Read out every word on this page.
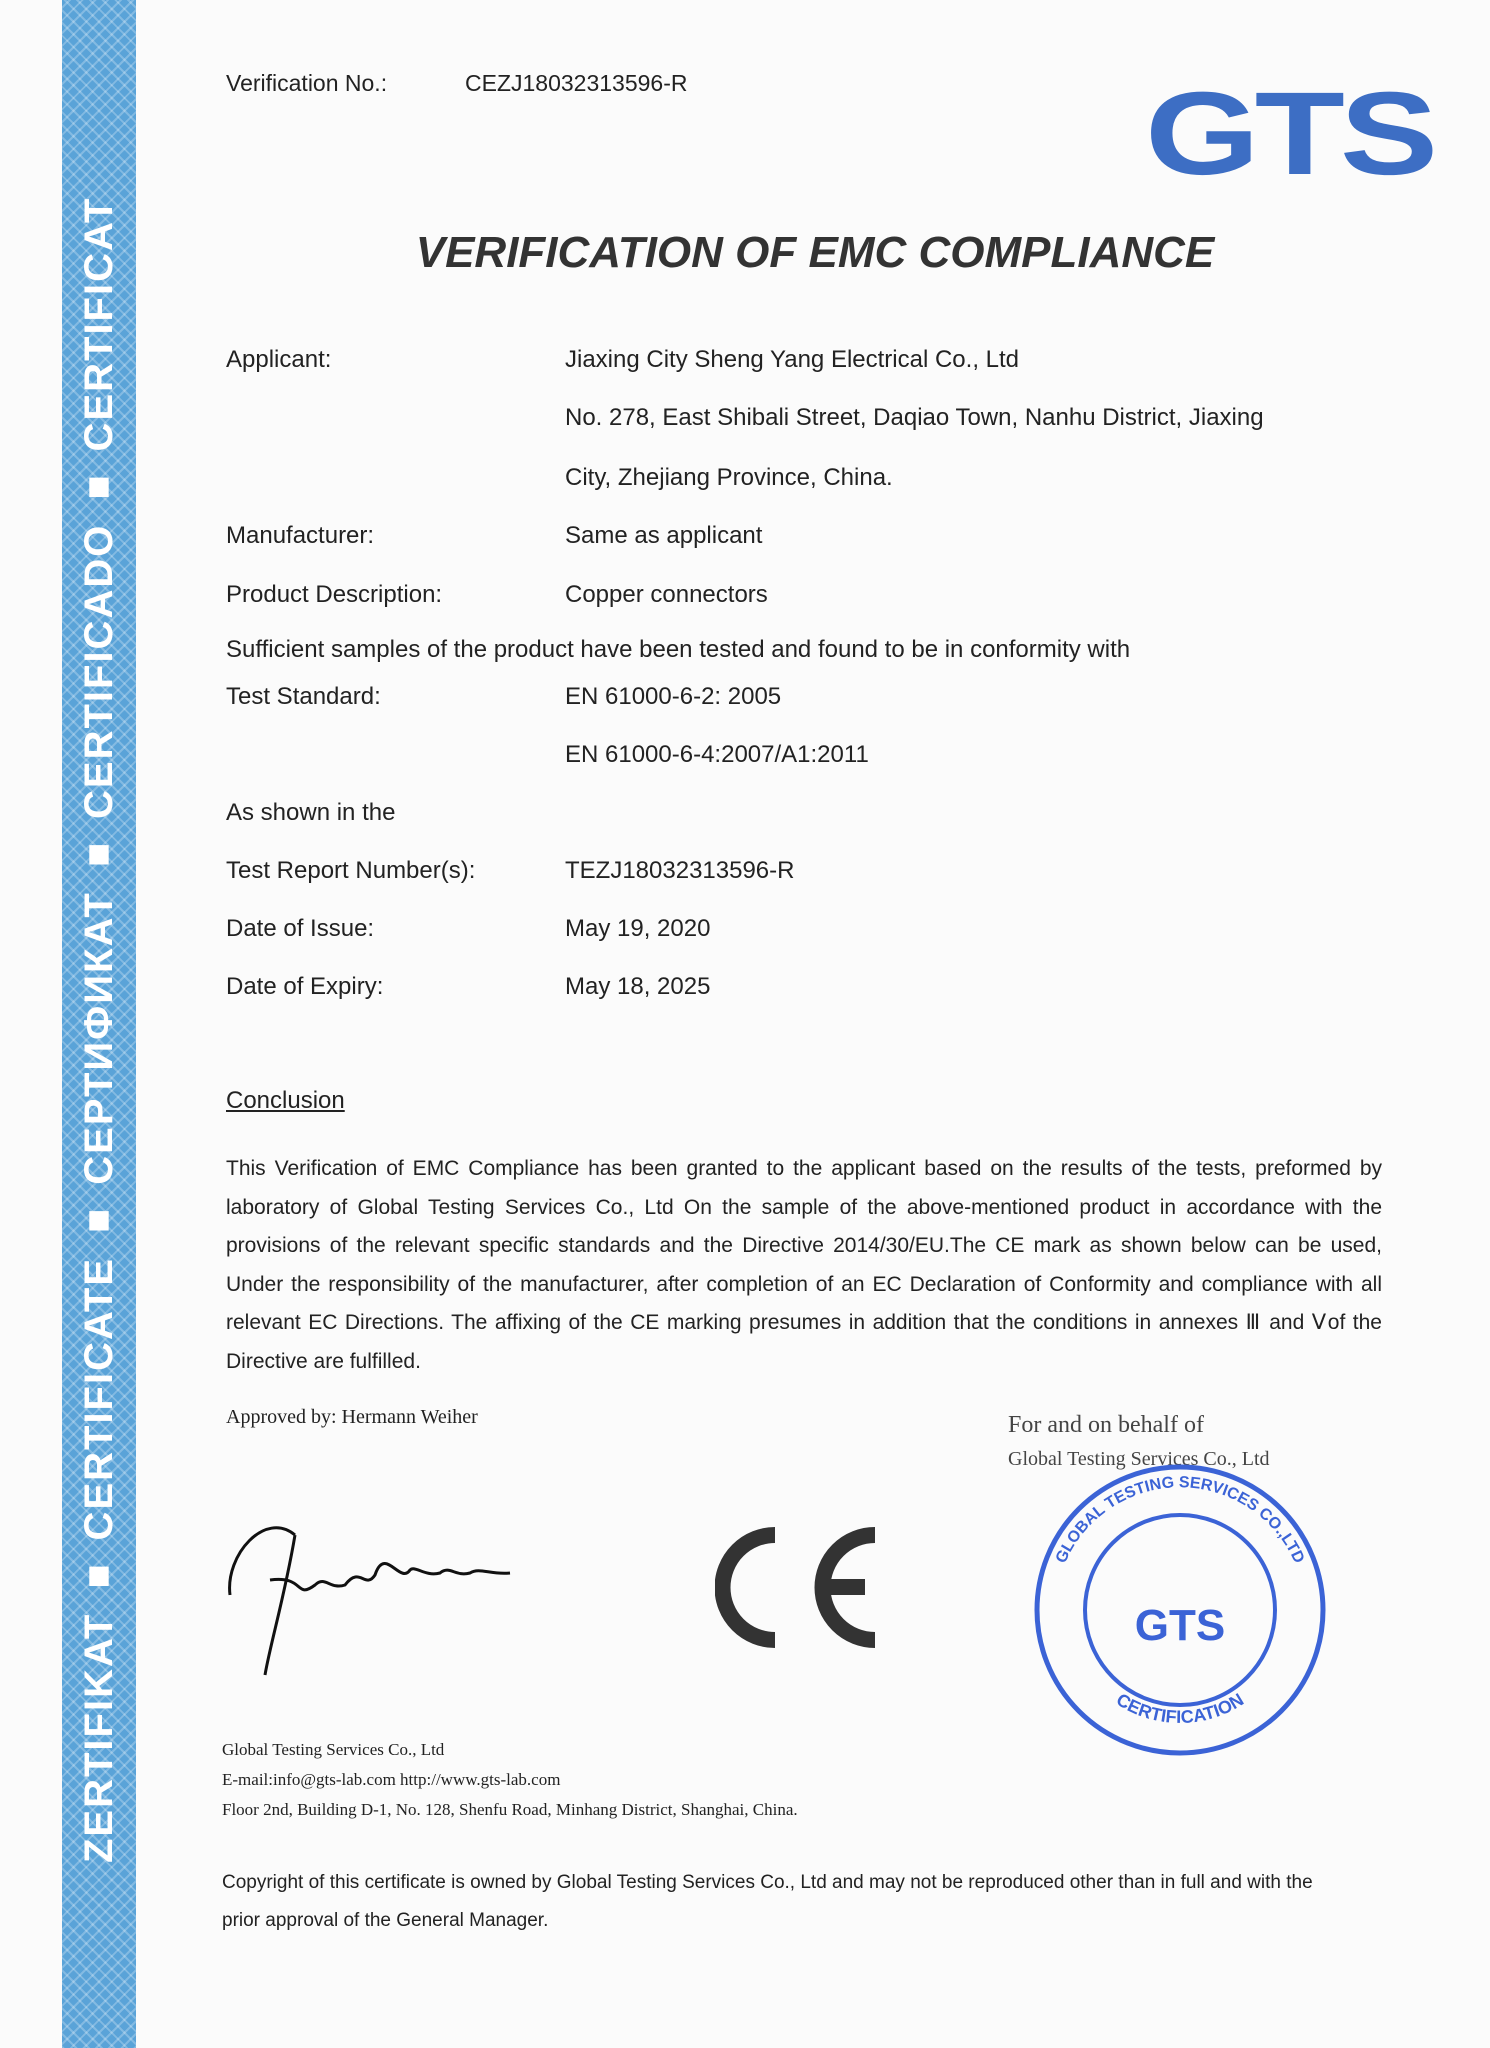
ZERTIFIKAT ■ CERTIFICATE ■ СЕРТИФИКАТ ■ CERTIFICADO ■ CERTIFICAT
Verification No.:	CEZJ18032313596-R	GTS
VERIFICATION OF EMC COMPLIANCE
Applicant:	Jiaxing City Sheng Yang Electrical Co., Ltd
No. 278, East Shibali Street, Daqiao Town, Nanhu District, Jiaxing
City, Zhejiang Province, China.
Manufacturer:	Same as applicant
Product Description:	Copper connectors
Sufficient samples of the product have been tested and found to be in conformity with
Test Standard:	EN 61000-6-2: 2005
EN 61000-6-4:2007/A1:2011
As shown in the
Test Report Number(s):	TEZJ18032313596-R
Date of Issue:	May 19, 2020
Date of Expiry:	May 18, 2025
Conclusion
This Verification of EMC Compliance has been granted to the applicant based on the results of the tests, preformed by laboratory of Global Testing Services Co., Ltd On the sample of the above-mentioned product in accordance with the provisions of the relevant specific standards and the Directive 2014/30/EU.The CE mark as shown below can be used, Under the responsibility of the manufacturer, after completion of an EC Declaration of Conformity and compliance with all relevant EC Directions. The affixing of the CE marking presumes in addition that the conditions in annexes Ⅲ and Ⅴof the Directive are fulfilled.
Approved by: Hermann Weiher	For and on behalf of
Global Testing Services Co., Ltd
GLOBAL TESTING SERVICES CO.,LTD
CERTIFICATION
GTS
Global Testing Services Co., Ltd
E-mail:info@gts-lab.com http://www.gts-lab.com
Floor 2nd, Building D-1, No. 128, Shenfu Road, Minhang District, Shanghai, China.
Copyright of this certificate is owned by Global Testing Services Co., Ltd and may not be reproduced other than in full and with the
prior approval of the General Manager.
